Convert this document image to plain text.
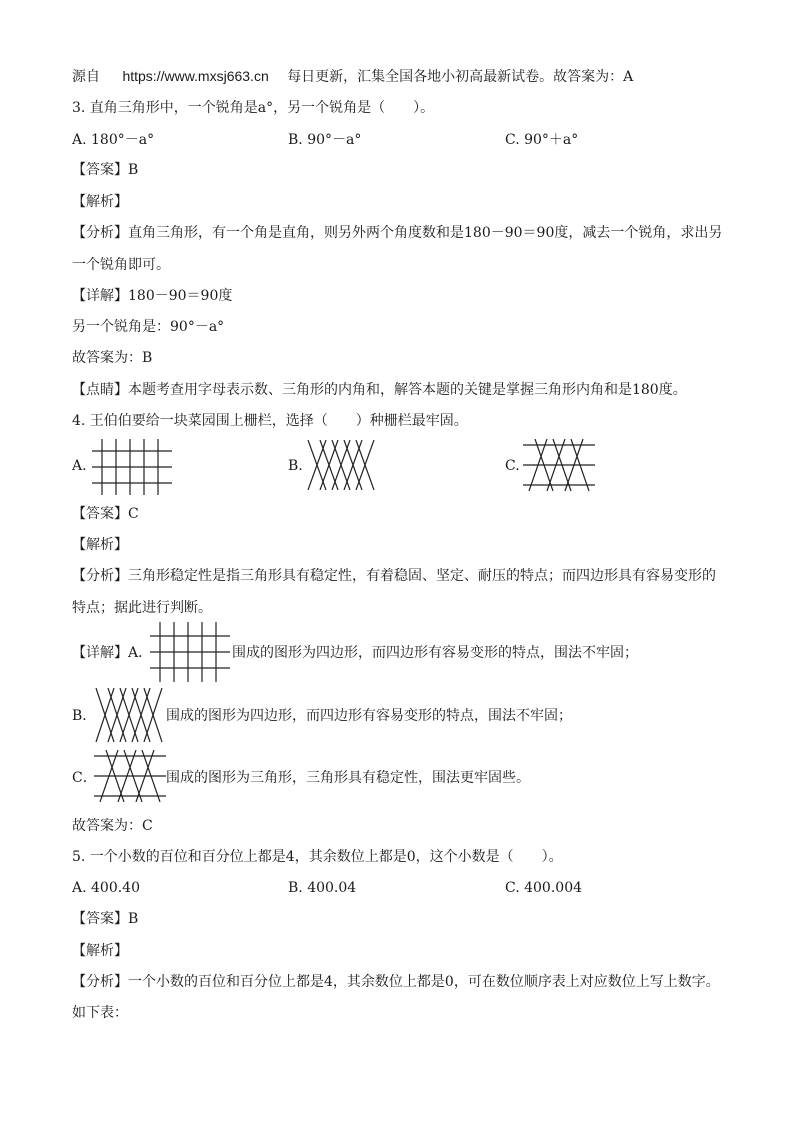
源自 https://www.mxsj663.cn 每日更新，汇集全国各地小初高最新试卷。故答案为：A
3. 直角三角形中，一个锐角是a°，另一个锐角是（　　）。
A. 180°－a°	B. 90°－a°	C. 90°＋a°
【答案】B
【解析】
【分析】直角三角形，有一个角是直角，则另外两个角度数和是180－90＝90度，减去一个锐角，求出另
一个锐角即可。
【详解】180－90＝90度
另一个锐角是：90°－a°
故答案为：B
【点睛】本题考查用字母表示数、三角形的内角和，解答本题的关键是掌握三角形内角和是180度。
4. 王伯伯要给一块菜园围上栅栏，选择（　　）种栅栏最牢固。
A.	B.	C.
【答案】C
【解析】
【分析】三角形稳定性是指三角形具有稳定性，有着稳固、坚定、耐压的特点；而四边形具有容易变形的
特点；据此进行判断。
【详解】A．	围成的图形为四边形，而四边形有容易变形的特点，围法不牢固；
B．	围成的图形为四边形，而四边形有容易变形的特点，围法不牢固；
C．	围成的图形为三角形，三角形具有稳定性，围法更牢固些。
故答案为：C
5. 一个小数的百位和百分位上都是4，其余数位上都是0，这个小数是（　　）。
A. 400.40	B. 400.04	C. 400.004
【答案】B
【解析】
【分析】一个小数的百位和百分位上都是4，其余数位上都是0，可在数位顺序表上对应数位上写上数字。
如下表：
